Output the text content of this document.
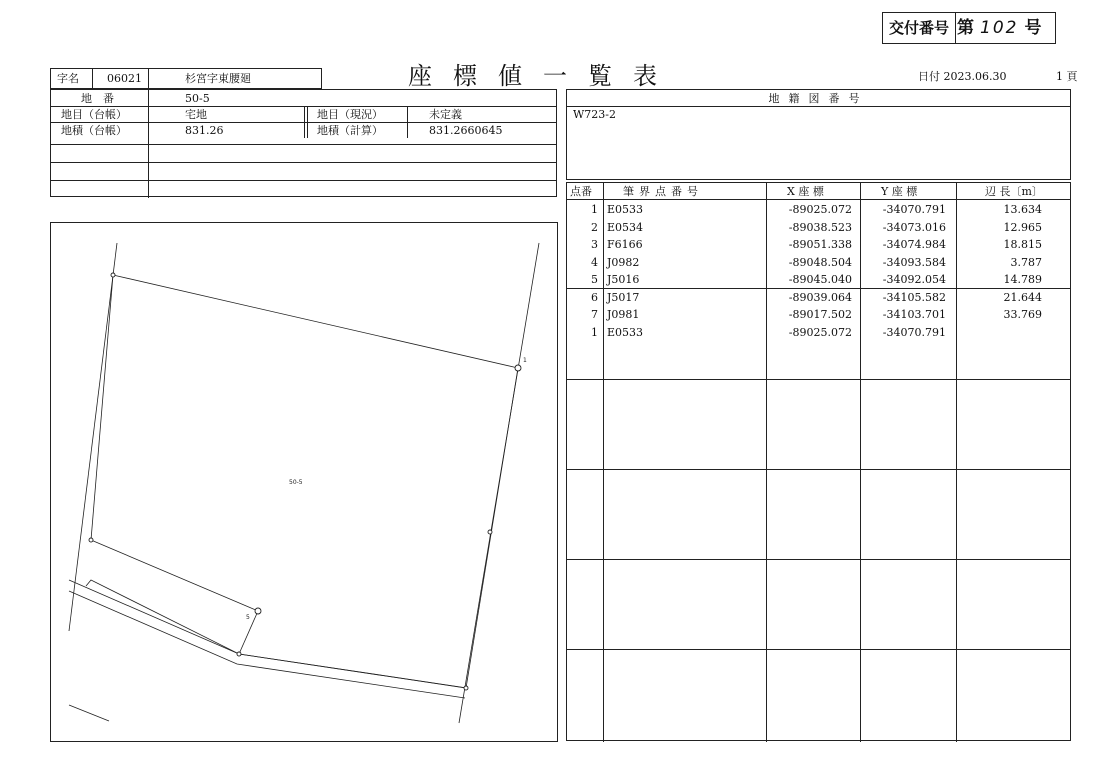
交付番号 第 102 号
座標値一覧表	日付 2023.06.30	1 頁
字名	06021	杉宮字東腰廻
地　番	50-5
地目（台帳）	宅地	地目（現況）	未定義
地積（台帳）	831.26	地積（計算）	831.2660645
50-5
1
5
地籍図番号
W723-2
点番	筆界点番号	X 座 標	Y 座 標	辺 長〔m〕
1 E0533	-89025.072	-34070.791	13.634
2 E0534	-89038.523	-34073.016	12.965
3 F6166	-89051.338	-34074.984	18.815
4 J0982	-89048.504	-34093.584	3.787
5 J5016	-89045.040	-34092.054	14.789
6 J5017	-89039.064	-34105.582	21.644
7 J0981	-89017.502	-34103.701	33.769
1 E0533	-89025.072	-34070.791
